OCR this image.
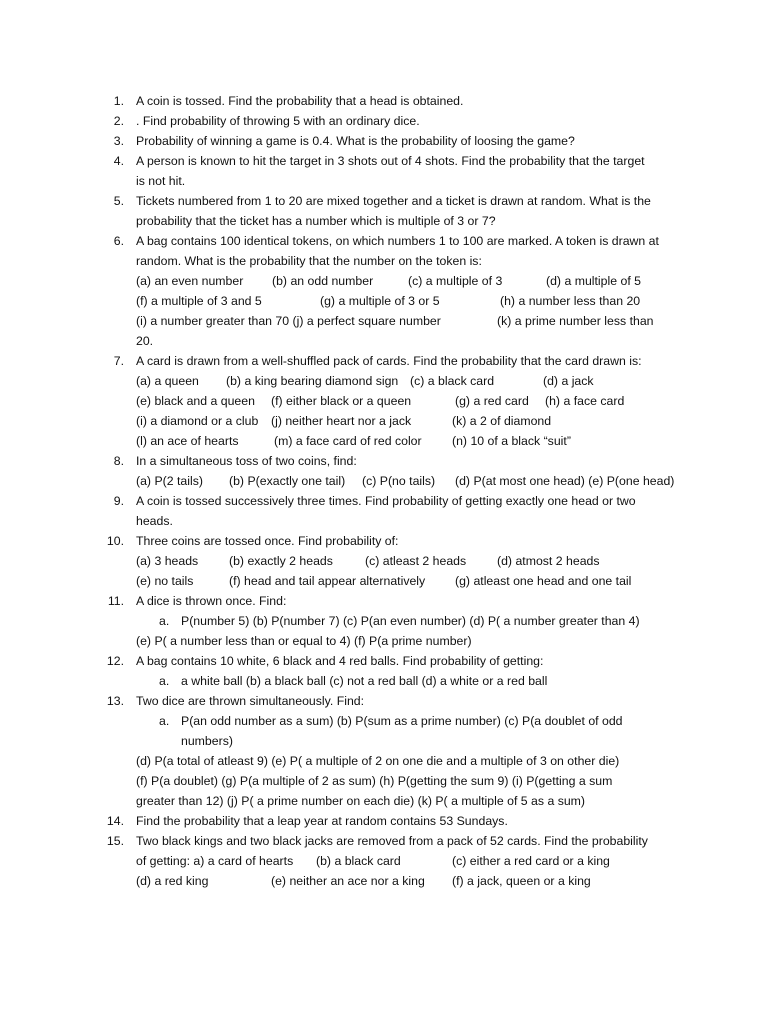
1. A coin is tossed. Find the probability that a head is obtained.
2. . Find probability of throwing 5 with an ordinary dice.
3. Probability of winning a game is 0.4. What is the probability of loosing the game?
4. A person is known to hit the target in 3 shots out of 4 shots. Find the probability that the target
is not hit.
5. Tickets numbered from 1 to 20 are mixed together and a ticket is drawn at random. What is the
probability that the ticket has a number which is multiple of 3 or 7?
6. A bag contains 100 identical tokens, on which numbers 1 to 100 are marked. A token is drawn at
random. What is the probability that the number on the token is:
(a) an even number (b) an odd number	(c) a multiple of 3	(d) a multiple of 5
(f) a multiple of 3 and 5	(g) a multiple of 3 or 5	(h) a number less than 20
(i) a number greater than 70 (j) a perfect square number	(k) a prime number less than
20.
7. A card is drawn from a well-shuffled pack of cards. Find the probability that the card drawn is:
(a) a queen (b) a king bearing diamond sign (c) a black card	(d) a jack
(e) black and a queen (f) either black or a queen	(g) a red card (h) a face card
(i) a diamond or a club (j) neither heart nor a jack	(k) a 2 of diamond
(l) an ace of hearts	(m) a face card of red color (n) 10 of a black “suit”
8. In a simultaneous toss of two coins, find:
(a) P(2 tails) (b) P(exactly one tail) (c) P(no tails) (d) P(at most one head) (e) P(one head)
9. A coin is tossed successively three times. Find probability of getting exactly one head or two
heads.
10. Three coins are tossed once. Find probability of:
(a) 3 heads	(b) exactly 2 heads	(c) atleast 2 heads	(d) atmost 2 heads
(e) no tails	(f) head and tail appear alternatively (g) atleast one head and one tail
11. A dice is thrown once. Find:
a. P(number 5) (b) P(number 7) (c) P(an even number) (d) P( a number greater than 4)
(e) P( a number less than or equal to 4) (f) P(a prime number)
12. A bag contains 10 white, 6 black and 4 red balls. Find probability of getting:
a. a white ball (b) a black ball (c) not a red ball (d) a white or a red ball
13. Two dice are thrown simultaneously. Find:
a. P(an odd number as a sum) (b) P(sum as a prime number) (c) P(a doublet of odd
numbers)
(d) P(a total of atleast 9) (e) P( a multiple of 2 on one die and a multiple of 3 on other die)
(f) P(a doublet) (g) P(a multiple of 2 as sum) (h) P(getting the sum 9) (i) P(getting a sum
greater than 12) (j) P( a prime number on each die) (k) P( a multiple of 5 as a sum)
14. Find the probability that a leap year at random contains 53 Sundays.
15. Two black kings and two black jacks are removed from a pack of 52 cards. Find the probability
of getting: a) a card of hearts (b) a black card	(c) either a red card or a king
(d) a red king	(e) neither an ace nor a king (f) a jack, queen or a king
